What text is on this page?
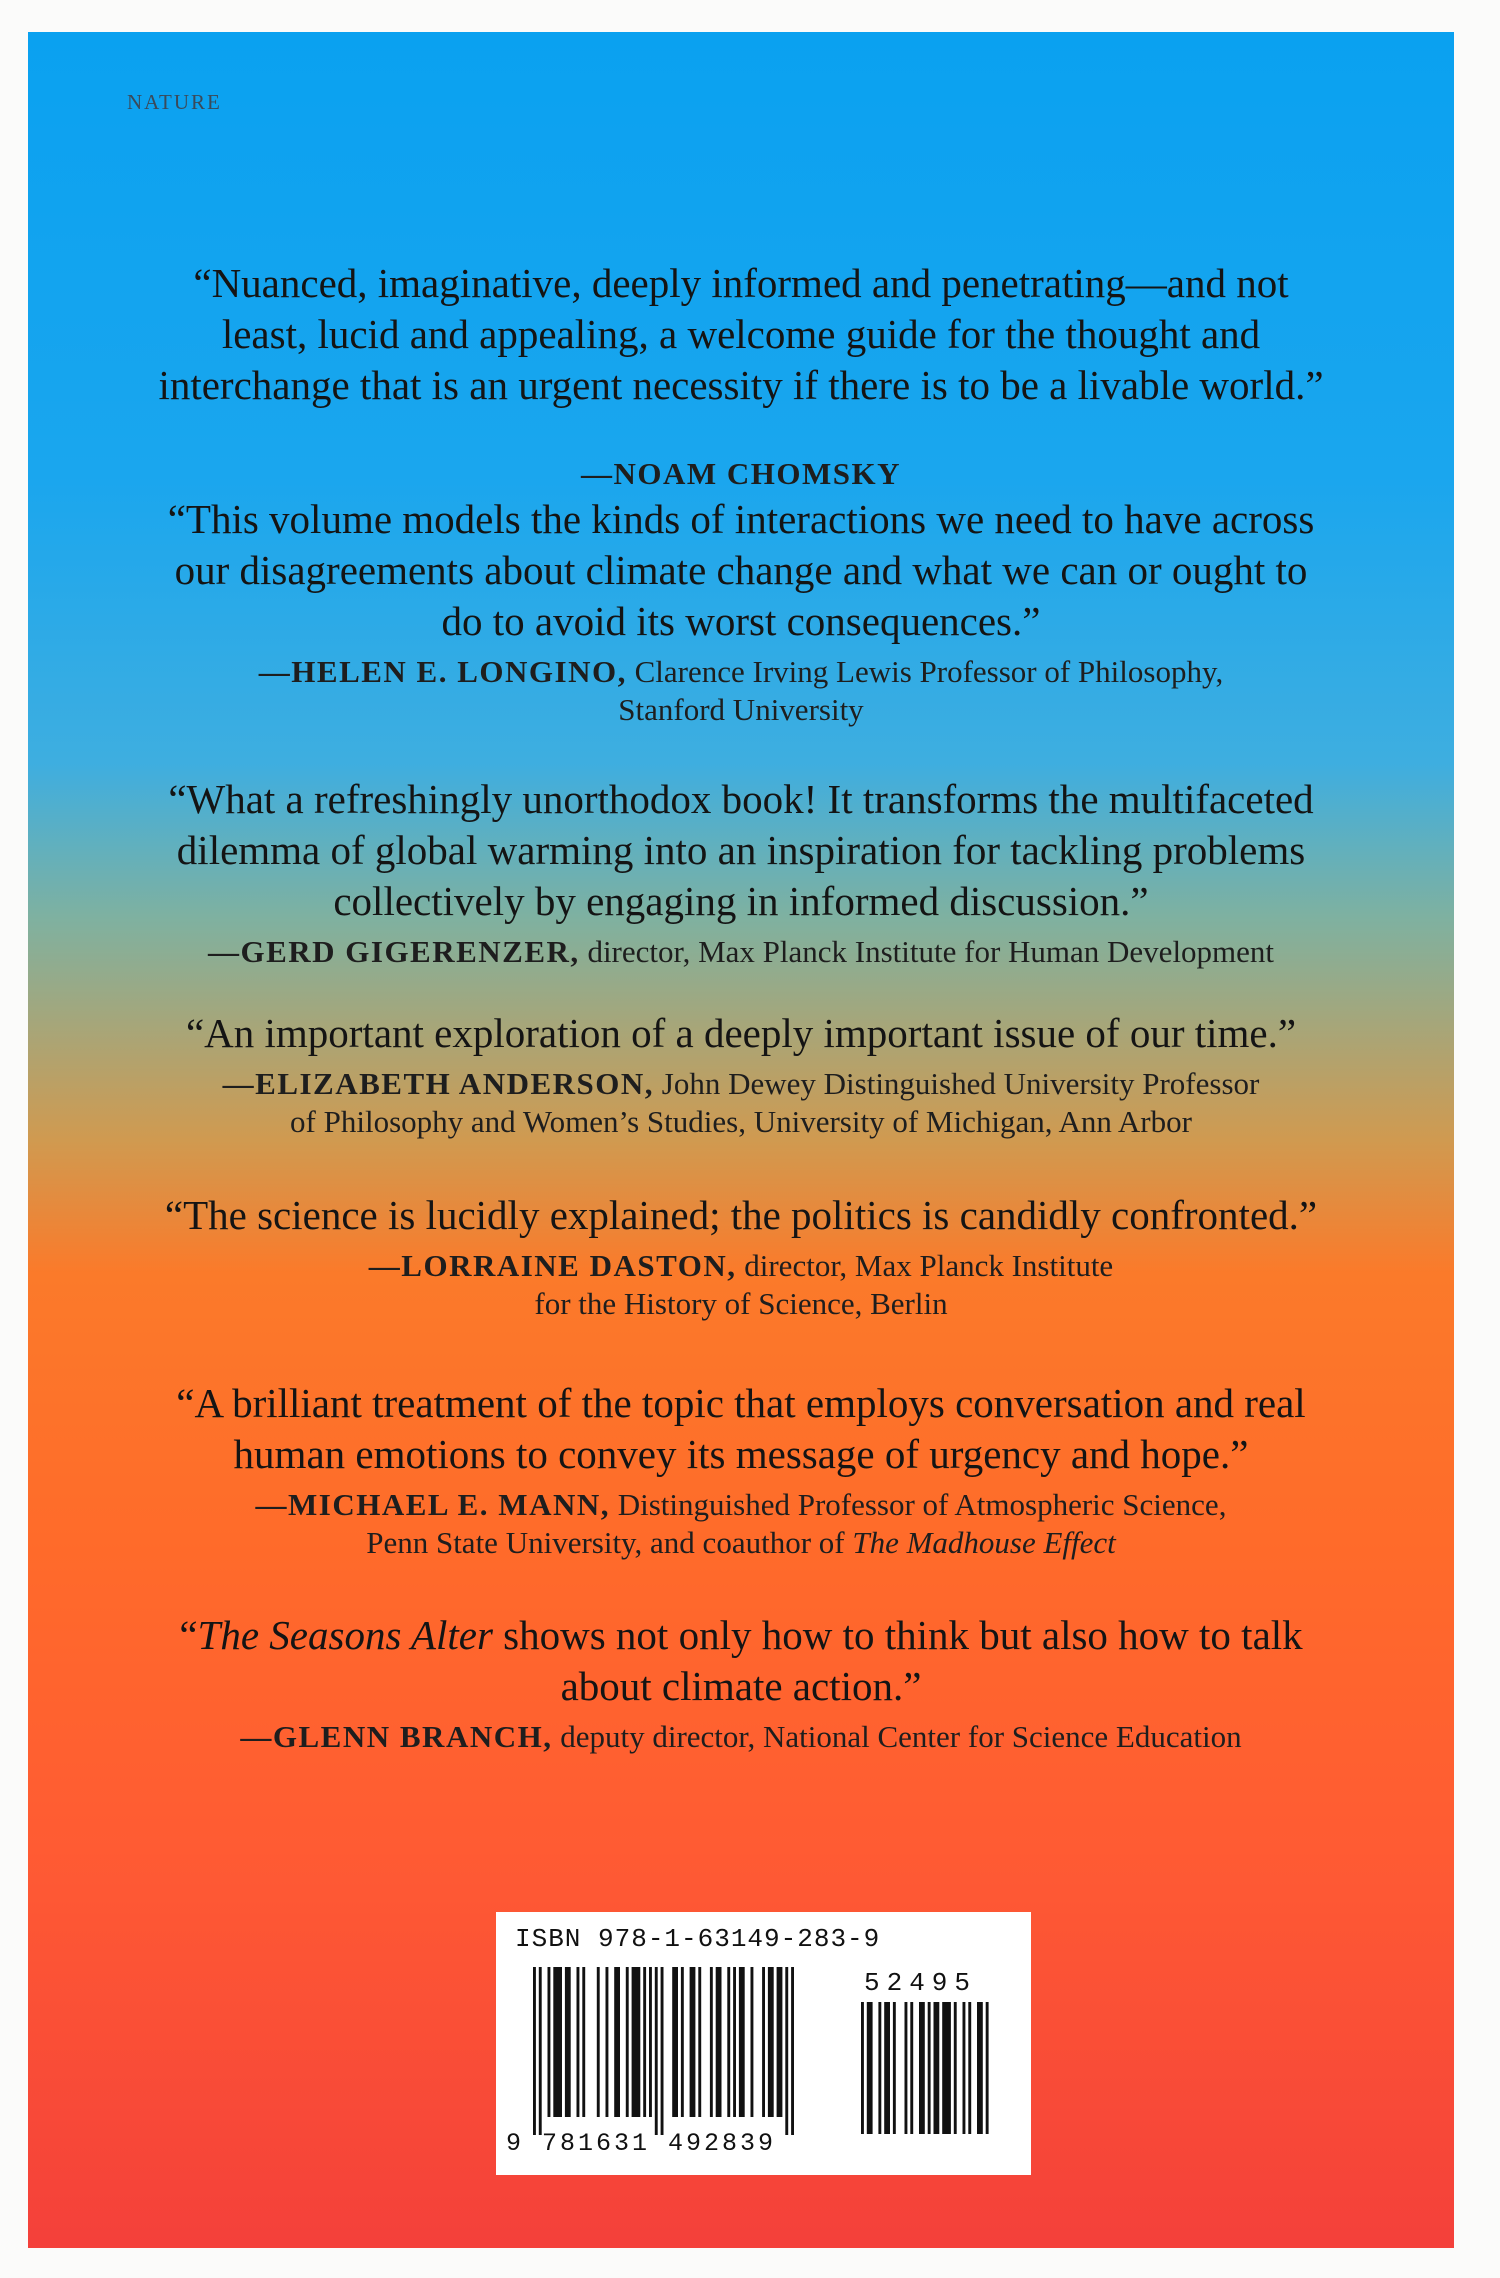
NATURE

“Nuanced, imaginative, deeply informed and penetrating—and not
least, lucid and appealing, a welcome guide for the thought and
interchange that is an urgent necessity if there is to be a livable world.”

—NOAM CHOMSKY

“This volume models the kinds of interactions we need to have across
our disagreements about climate change and what we can or ought to
do to avoid its worst consequences.”

—HELEN E. LONGINO, Clarence Irving Lewis Professor of Philosophy,
Stanford University

“What a refreshingly unorthodox book! It transforms the multifaceted
dilemma of global warming into an inspiration for tackling problems
collectively by engaging in informed discussion.”

—GERD GIGERENZER, director, Max Planck Institute for Human Development

“An important exploration of a deeply important issue of our time.”

—ELIZABETH ANDERSON, John Dewey Distinguished University Professor
of Philosophy and Women’s Studies, University of Michigan, Ann Arbor

“The science is lucidly explained; the politics is candidly confronted.”

—LORRAINE DASTON, director, Max Planck Institute
for the History of Science, Berlin

“A brilliant treatment of the topic that employs conversation and real
human emotions to convey its message of urgency and hope.”

—MICHAEL E. MANN, Distinguished Professor of Atmospheric Science,
Penn State University, and coauthor of The Madhouse Effect

“The Seasons Alter shows not only how to think but also how to talk
about climate action.”

—GLENN BRANCH, deputy director, National Center for Science Education

ISBN 978-1-63149-283-9
52495
9 781631 492839
